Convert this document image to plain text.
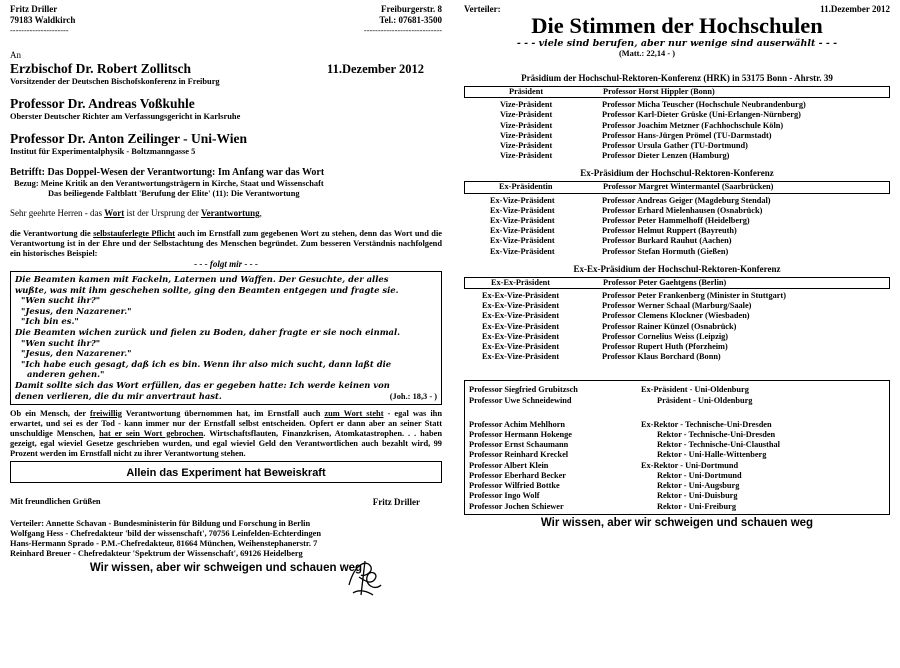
Fritz Driller
79183 Waldkirch
---------------------
Freiburgerstr. 8
Tel.: 07681-3500
----------------------------
An
Erzbischof Dr. Robert Zollitsch	11.Dezember 2012
Vorsitzender der Deutschen Bischofskonferenz in Freiburg
Professor Dr. Andreas Voßkuhle
Oberster Deutscher Richter am Verfassungsgericht in Karlsruhe
Professor Dr. Anton Zeilinger - Uni-Wien
Institut für Experimentalphysik - Boltzmanngasse 5
Betrifft: Das Doppel-Wesen der Verantwortung: Im Anfang war das Wort
Bezug: Meine Kritik an den Verantwortungsträgern in Kirche, Staat und Wissenschaft
Das beiliegende Faltblatt 'Berufung der Elite' (11): Die Verantwortung
Sehr geehrte Herren - das Wort ist der Ursprung der Verantwortung,
die Verantwortung die selbstauferlegte Pflicht auch im Ernstfall zum gegebenen Wort zu stehen, denn das Wort und die Verantwortung ist in der Ehre und der Selbstachtung des Menschen begründet. Zum besseren Verständnis nachfolgend ein historisches Beispiel:
- - - folgt mir - - -
Die Beamten kamen mit Fackeln, Laternen und Waffen. Der Gesuchte, der alles
wußte, was mit ihm geschehen sollte, ging den Beamten entgegen und fragte sie.
"Wen sucht ihr?"
"Jesus, den Nazarener."
"Ich bin es."
Die Beamten wichen zurück und fielen zu Boden, daher fragte er sie noch einmal.
"Wen sucht ihr?"
"Jesus, den Nazarener."
"Ich habe euch gesagt, daß ich es bin. Wenn ihr also mich sucht, dann laßt die
anderen gehen."
Damit sollte sich das Wort erfüllen, das er gegeben hatte: Ich werde keinen von
denen verlieren, die du mir anvertraut hast.	(Joh.: 18,3 - )
Ob ein Mensch, der freiwillig Verantwortung übernommen hat, im Ernstfall auch zum Wort steht - egal was ihn erwartet, und sei es der Tod - kann immer nur der Ernstfall selbst entscheiden. Opfert er dann aber an seiner Statt unschuldige Menschen, hat er sein Wort gebrochen. Wirtschaftsflauten, Finanzkrisen, Atomkatastrophen. . . haben gezeigt, egal wieviel Gesetze geschrieben wurden, und egal wieviel Geld den Verantwortlichen auch bezahlt wird, 99 Prozent werden im Ernstfall nicht zu ihrer Verantwortung stehen.
Allein das Experiment hat Beweiskraft
Mit freundlichen Grüßen	Fritz Driller
Verteiler: Annette Schavan - Bundesministerin für Bildung und Forschung in Berlin
Wolfgang Hess - Chefredakteur 'bild der wissenschaft', 70756 Leinfelden-Echterdingen
Hans-Hermann Sprado - P.M.-Chefredakteur, 81664 München, Weihenstephanerstr. 7
Reinhard Breuer - Chefredakteur 'Spektrum der Wissenschaft', 69126 Heidelberg
Wir wissen, aber wir schweigen und schauen weg
Verteiler:	11.Dezember 2012
Die Stimmen der Hochschulen
- - - viele sind berufen, aber nur wenige sind auserwählt - - -
(Matt.: 22,14 - )
Präsidium der Hochschul-Rektoren-Konferenz (HRK) in 53175 Bonn - Ahrstr. 39
Präsident	Professor Horst Hippler (Bonn)
Vize-Präsident	Professor Micha Teuscher (Hochschule Neubrandenburg)
Vize-Präsident	Professor Karl-Dieter Grüske (Uni-Erlangen-Nürnberg)
Vize-Präsident	Professor Joachim Metzner (Fachhochschule Köln)
Vize-Präsident	Professor Hans-Jürgen Prömel (TU-Darmstadt)
Vize-Präsident	Professor Ursula Gather (TU-Dortmund)
Vize-Präsident	Professor Dieter Lenzen (Hamburg)
Ex-Präsidium der Hochschul-Rektoren-Konferenz
Ex-Präsidentin	Professor Margret Wintermantel (Saarbrücken)
Ex-Vize-Präsident	Professor Andreas Geiger (Magdeburg Stendal)
Ex-Vize-Präsident	Professor Erhard Mielenhausen (Osnabrück)
Ex-Vize-Präsident	Professor Peter Hammelhoff (Heidelberg)
Ex-Vize-Präsident	Professor Helmut Ruppert (Bayreuth)
Ex-Vize-Präsident	Professor Burkard Rauhut (Aachen)
Ex-Vize-Präsident	Professor Stefan Hormuth (Gießen)
Ex-Ex-Präsidium der Hochschul-Rektoren-Konferenz
Ex-Ex-Präsident	Professor Peter Gaehtgens (Berlin)
Ex-Ex-Vize-Präsident	Professor Peter Frankenberg (Minister in Stuttgart)
Ex-Ex-Vize-Präsident	Professor Werner Schaal (Marburg/Saale)
Ex-Ex-Vize-Präsident	Professor Clemens Klockner (Wiesbaden)
Ex-Ex-Vize-Präsident	Professor Rainer Künzel (Osnabrück)
Ex-Ex-Vize-Präsident	Professor Cornelius Weiss (Leipzig)
Ex-Ex-Vize-Präsident	Professor Rupert Huth (Pforzheim)
Ex-Ex-Vize-Präsident	Professor Klaus Borchard (Bonn)
Professor Siegfried Grubitzsch	Ex-Präsident - Uni-Oldenburg
Professor Uwe Schneidewind	Präsident - Uni-Oldenburg

Professor Achim Mehlhorn	Ex-Rektor - Technische-Uni-Dresden
Professor Hermann Hokenge	Rektor - Technische-Uni-Dresden
Professor Ernst Schaumann	Rektor - Technische-Uni-Clausthal
Professor Reinhard Kreckel	Rektor - Uni-Halle-Wittenberg
Professor Albert Klein	Ex-Rektor - Uni-Dortmund
Professor Eberhard Becker	Rektor - Uni-Dortmund
Professor Wilfried Bottke	Rektor - Uni-Augsburg
Professor Ingo Wolf	Rektor - Uni-Duisburg
Professor Jochen Schiewer	Rektor - Uni-Freiburg
Wir wissen, aber wir schweigen und schauen weg
